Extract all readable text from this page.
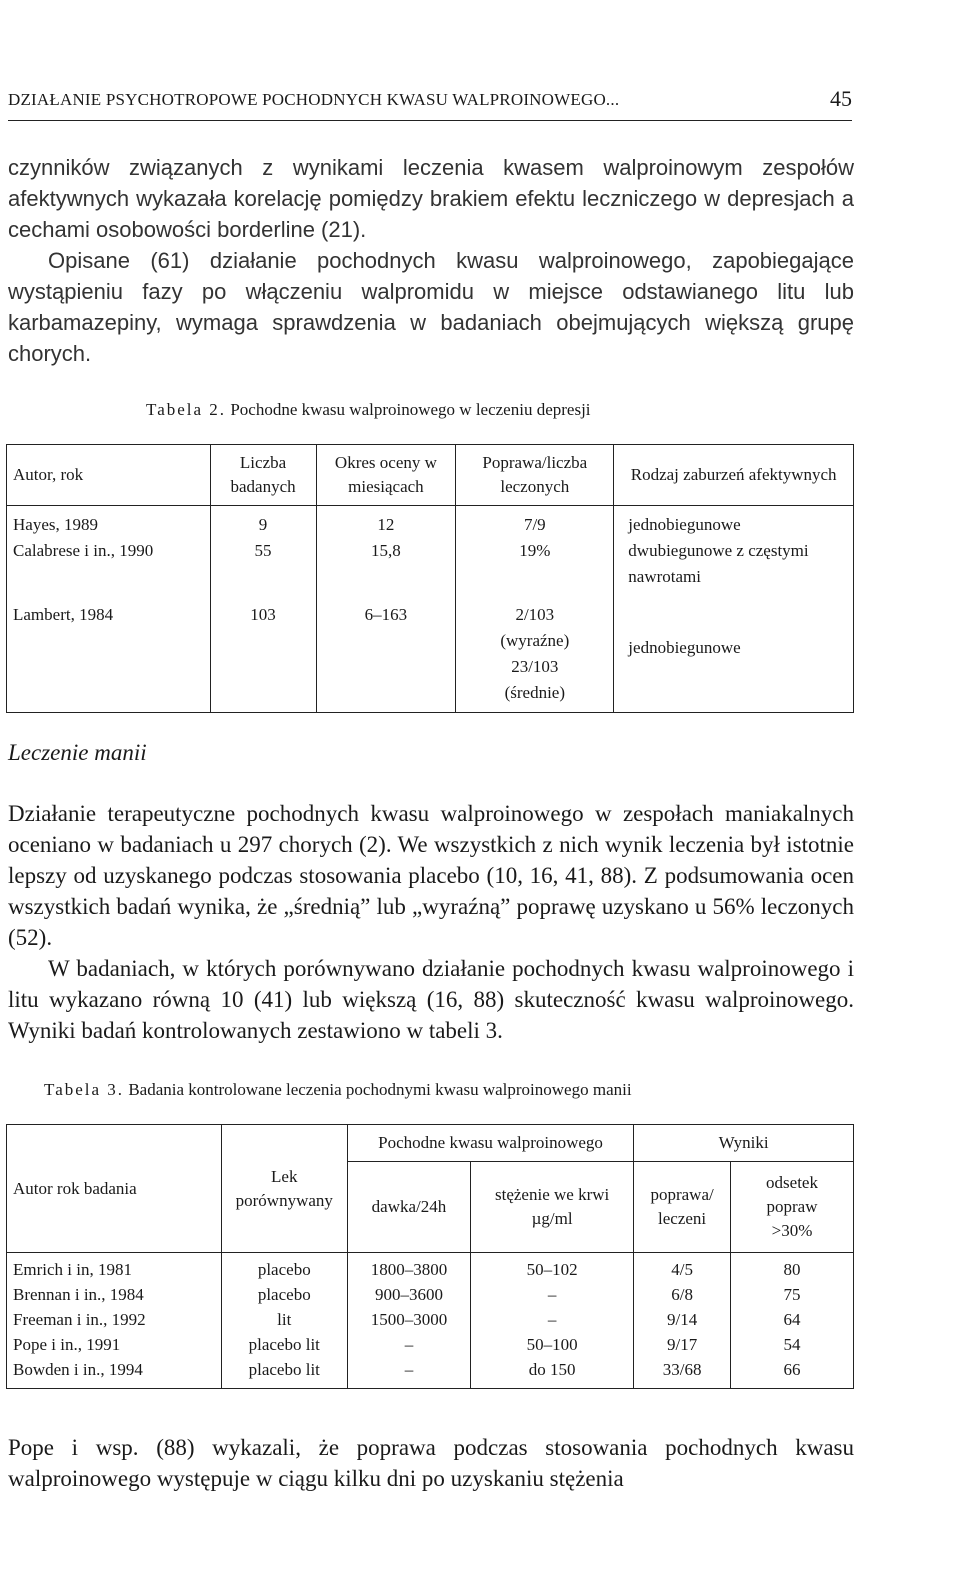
DZIAŁANIE PSYCHOTROPOWE POCHODNYCH KWASU WALPROINOWEGO...	45

czynników związanych z wynikami leczenia kwasem walproinowym zespołów afektywnych wykazała korelację pomiędzy brakiem efektu leczniczego w depresjach a cechami osobowości borderline (21).

Opisane (61) działanie pochodnych kwasu walproinowego, zapobiegające wystąpieniu fazy po włączeniu walpromidu w miejsce odstawianego litu lub karbamazepiny, wymaga sprawdzenia w badaniach obejmujących większą grupę chorych.

Tabela 2. Pochodne kwasu walproinowego w leczeniu depresji
Autor, rok	Liczba badanych	Okres oceny w miesiącach	Poprawa/liczba leczonych	Rodzaj zaburzeń afektywnych
Hayes, 1989	9	12	7/9	jednobiegunowe
Calabrese i in., 1990	55	15,8	19%	dwubiegunowe z częstymi nawrotami
Lambert, 1984	103	6–163	2/103 (wyraźne) 23/103 (średnie)	jednobiegunowe
Leczenie manii

Działanie terapeutyczne pochodnych kwasu walproinowego w zespołach maniakalnych oceniano w badaniach u 297 chorych (2). We wszystkich z nich wynik leczenia był istotnie lepszy od uzyskanego podczas stosowania placebo (10, 16, 41, 88). Z podsumowania ocen wszystkich badań wynika, że „średnią” lub „wyraźną” poprawę uzyskano u 56% leczonych (52).

W badaniach, w których porównywano działanie pochodnych kwasu walproinowego i litu wykazano równą 10 (41) lub większą (16, 88) skuteczność kwasu walproinowego. Wyniki badań kontrolowanych zestawiono w tabeli 3.

Tabela 3. Badania kontrolowane leczenia pochodnymi kwasu walproinowego manii
Autor rok badania	Lek porównywany	Pochodne kwasu walproinowego		Wyniki	
		dawka/24h	stężenie we krwi µg/ml	poprawa/ leczeni	odsetek popraw >30%
Emrich i in, 1981	placebo	1800–3800	50–102	4/5	80
Brennan i in., 1984	placebo	900–3600	–	6/8	75
Freeman i in., 1992	lit	1500–3000	–	9/14	64
Pope i in., 1991	placebo lit	–	50–100	9/17	54
Bowden i in., 1994	placebo lit	–	do 150	33/68	66

Pope i wsp. (88) wykazali, że poprawa podczas stosowania pochodnych kwasu walproinowego występuje w ciągu kilku dni po uzyskaniu stężenia
